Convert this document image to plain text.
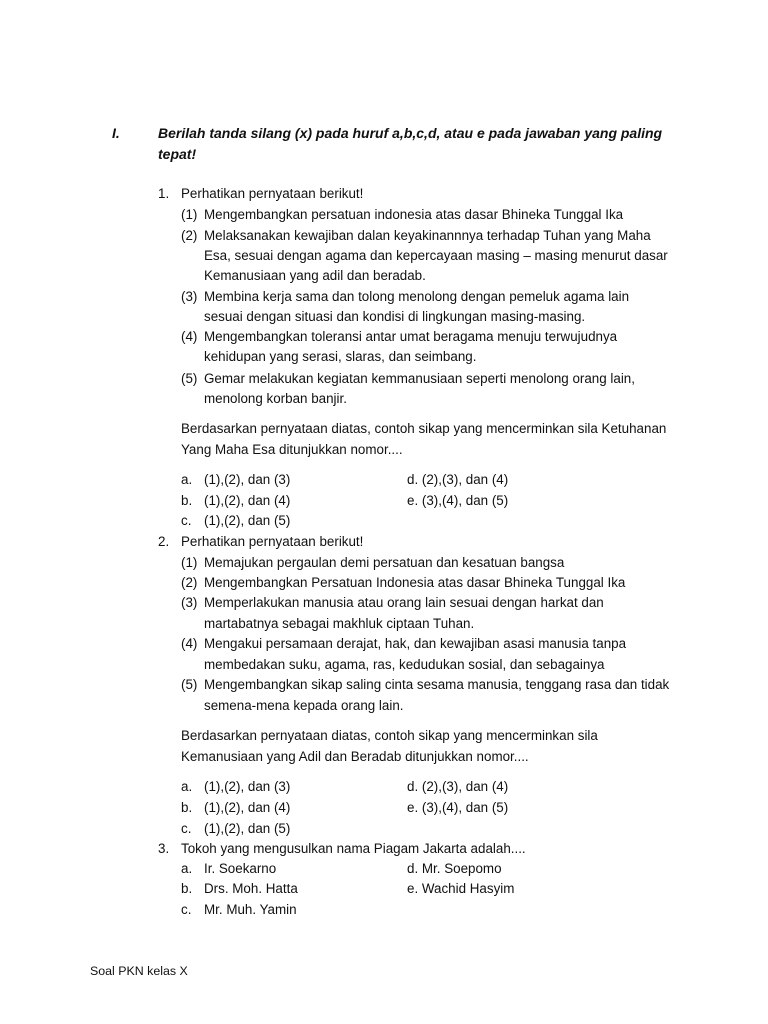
I.	Berilah tanda silang (x) pada huruf a,b,c,d, atau e pada jawaban yang paling tepat!

1. Perhatikan pernyataan berikut!

(1) Mengembangkan persatuan indonesia atas dasar Bhineka Tunggal Ika

(2) Melaksanakan kewajiban dalan keyakinannnya terhadap Tuhan yang Maha

Esa, sesuai dengan agama dan kepercayaan masing – masing menurut dasar

Kemanusiaan yang adil dan beradab.

(3) Membina kerja sama dan tolong menolong dengan pemeluk agama lain

sesuai dengan situasi dan kondisi di lingkungan masing-masing.

(4) Mengembangkan toleransi antar umat beragama menuju terwujudnya

kehidupan yang serasi, slaras, dan seimbang.

(5) Gemar melakukan kegiatan kemmanusiaan seperti menolong orang lain,

menolong korban banjir.

Berdasarkan pernyataan diatas, contoh sikap yang mencerminkan sila Ketuhanan

Yang Maha Esa ditunjukkan nomor....

a. (1),(2), dan (3)	d. (2),(3), dan (4)

b. (1),(2), dan (4)	e. (3),(4), dan (5)

c. (1),(2), dan (5)

2. Perhatikan pernyataan berikut!

(1) Memajukan pergaulan demi persatuan dan kesatuan bangsa

(2) Mengembangkan Persatuan Indonesia atas dasar Bhineka Tunggal Ika

(3) Memperlakukan manusia atau orang lain sesuai dengan harkat dan

martabatnya sebagai makhluk ciptaan Tuhan.

(4) Mengakui persamaan derajat, hak, dan kewajiban asasi manusia tanpa

membedakan suku, agama, ras, kedudukan sosial, dan sebagainya

(5) Mengembangkan sikap saling cinta sesama manusia, tenggang rasa dan tidak

semena-mena kepada orang lain.

Berdasarkan pernyataan diatas, contoh sikap yang mencerminkan sila

Kemanusiaan yang Adil dan Beradab ditunjukkan nomor....

a. (1),(2), dan (3)	d. (2),(3), dan (4)

b. (1),(2), dan (4)	e. (3),(4), dan (5)

c. (1),(2), dan (5)

3. Tokoh yang mengusulkan nama Piagam Jakarta adalah....

a. Ir. Soekarno	d. Mr. Soepomo

b. Drs. Moh. Hatta	e. Wachid Hasyim

c. Mr. Muh. Yamin

Soal PKN kelas X
